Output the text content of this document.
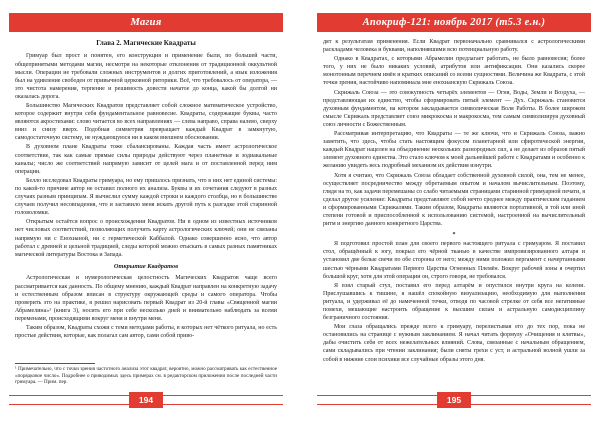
Магия
Глава 2. Магические Квадраты

Гримуар был прост и понятен, его конструкция и применение были, по большей части, общепринятыми методами магии, несмотря на некоторые отклонения от традиционной оккультной мысли. Операции не требовали сложных инструментов и долгих приготовлений, а язык изложения был на удивление свободен от привычной церковной риторики. Всё, что требовалось от оператора, — это чистота намерения, терпение и решимость довести начатое до конца, какой бы долгой ни оказалась дорога.

Большинство Магических Квадратов представляет собой сложное математическое устройство, которое содержит внутри себя фундаментальное равновесие. Квадраты, содержащие буквы, часто являются акростихами: слово читается во всех направлениях — слева направо, справа налево, сверху вниз и снизу вверх. Подобная симметрия превращает каждый Квадрат в замкнутую, самодостаточную систему, не нуждающуюся ни в каком внешнем обосновании.

В духовном плане Квадраты тоже сбалансированы. Каждая часть имеет астрологическое соответствие, так как самые прямые силы природы действуют через планетные и зодиакальные каналы; число же соответствий напрямую зависит от целей мага и от поставленной перед ним операции.

Белло исследовал Квадраты гримуара, но ему пришлось признать, что в них нет единой системы: по какой-то причине автор не оставил полного их анализа. Буквы и их сочетания следуют в разных случаях разным принципам. Я вычислил сумму каждой строки и каждого столбца, но в большинстве случаев получил несовпадения, что и заставило меня искать другой путь к разгадке этой старинной головоломки.

Открытым остаётся вопрос о происхождении Квадратов. Ни в одном из известных источников нет числовых соответствий, позволяющих получить карту астрологических ключей; они не связаны напрямую ни с Енохианой, ни с герметической Каббалой. Однако совершенно ясно, что автор работал с древней и цельной традицией, следы которой можно отыскать в самых разных памятниках магической литературы Востока и Запада.

Открытие Квадратов

Астрологическая и нумерологическая целостность Магических Квадратов чаще всего рассматривается как данность. По общему мнению, каждый Квадрат направлен на конкретную задачу и естественным образом вписан в структуру окружающей среды и самого оператора. Чтобы проверить это на практике, я решил нарисовать первый Квадрат из 20-й главы «Священной магии Абрамелина»¹ (книга 3), носить его при себе несколько дней и внимательно наблюдать за всеми переменами, происходящими вокруг меня и внутри меня.

Таким образом, Квадраты схожи с теми методами работы, в которых нет чёткого ритуала, но есть простые действия, которые, как полагал сам автор, сами собой приво-

¹ Примечательно, что с точки зрения частотного анализа этот квадрат, вероятно, можно рассматривать как естественное «порядковое число». Подробнее о приводимых здесь примерах см. в редакторском приложении после последней части гримуара. — Прим. пер.

194
Апокриф-121: ноябрь 2017 (т5.3 е.н.)

дят к результатам применения. Если Квадрат первоначально сравнивался с астрологическими раскладами человека и буквами, наполнявшими всю потенциальную работу.

Однако в Квадратах, с которыми Абрамелин предлагает работать, не было равновесия; более того, у них не было никаких условий, атрибутов или антификсации. Они казались скорее монотонным перечнем имён и кратких описаний со всеми сущностями. Величина же Квадрата, с этой точки зрения, настойчиво напоминала мне енохианскую Скрижаль Союза.

Скрижаль Союза — это совокупность четырёх элементов — Огня, Воды, Земли и Воздуха, — представляющая их единство, чтобы сформировать пятый элемент — Дух. Скрижаль становится духовным фундаментом, на котором закладывается символическая Воля Работы. В более широком смысле Скрижаль представляет союз микрокосма и макрокосма, тем самым символизируя духовный союз личности с Божественным.

Рассматривая интерпретацию, что Квадраты — те же ключи, что и Скрижаль Союза, важно заметить, что здесь, чтобы стать настоящим фокусом планетарной или сфиротической энергии, каждый Квадрат нацелен на объединение нескольких разнородных сил, а не делает из образов пятый элемент духовного единства. Это стало ключом к моей дальнейшей работе с Квадратами и особенно к желанию увидеть весь подробный механизм их действия изнутри.

Хотя я считаю, что Скрижаль Союза обладает собственной духовной силой, она, тем не менее, осуществляет посредничество между обретаемым опытом и началом вычислительным. Поэтому, глядя на то, как задачи перемешаны со слабо читаемыми страницами старинной гримуарной печати, я сделал другое усиление: Квадраты представляют собой нечто среднее между практическим гаданием и сформированными Скрижалями. Таким образом, Квадраты являются портативной, в той или иной степени готовой и приспособленной к использованию системой, настроенной на вычислительный ритм и энергию данного конкретного Царства.

*

Я подготовил простой план для своего первого настоящего ритуала с гримуаром. Я поставил стол, обращённый к югу, покрыл его чёрной тканью в качестве импровизированного алтаря и установил две белые свечи по обе стороны от него; между ними положил пергамент с начертанными шестью чёрными Квадратами Первого Царства Огненных Племён. Вокруг рабочей зоны я очертил большой круг, хотя для этой операции он, строго говоря, не требовался.

Я взял старый стул, поставил его перед алтарём и опустился внутри круга на колени. Прислушавшись к тишине, я нашёл спокойную визуализацию, необходимую для выполнения ритуала, и удерживал её до намеченной точки, отводя по часовой стрелке от себя все негативные помехи, мешающие настроить обращение к высшим силам и астральную самодисциплину безграничного состояния.

Мои глаза обращались прежде всего к гримуару, перелистывая его до тех пор, пока не остановились на странице с нужным заклинанием. Я начал читать формулу «Очищения и клятвы», дабы очистить себя от всех нежелательных влияний. Слова, связанные с начальным обращением, сами складывались при чтении заклинания; были сняты грехи с уст, и астральной волной ушли за собой в нижние слои психики все случайные образы этого дня.

195
